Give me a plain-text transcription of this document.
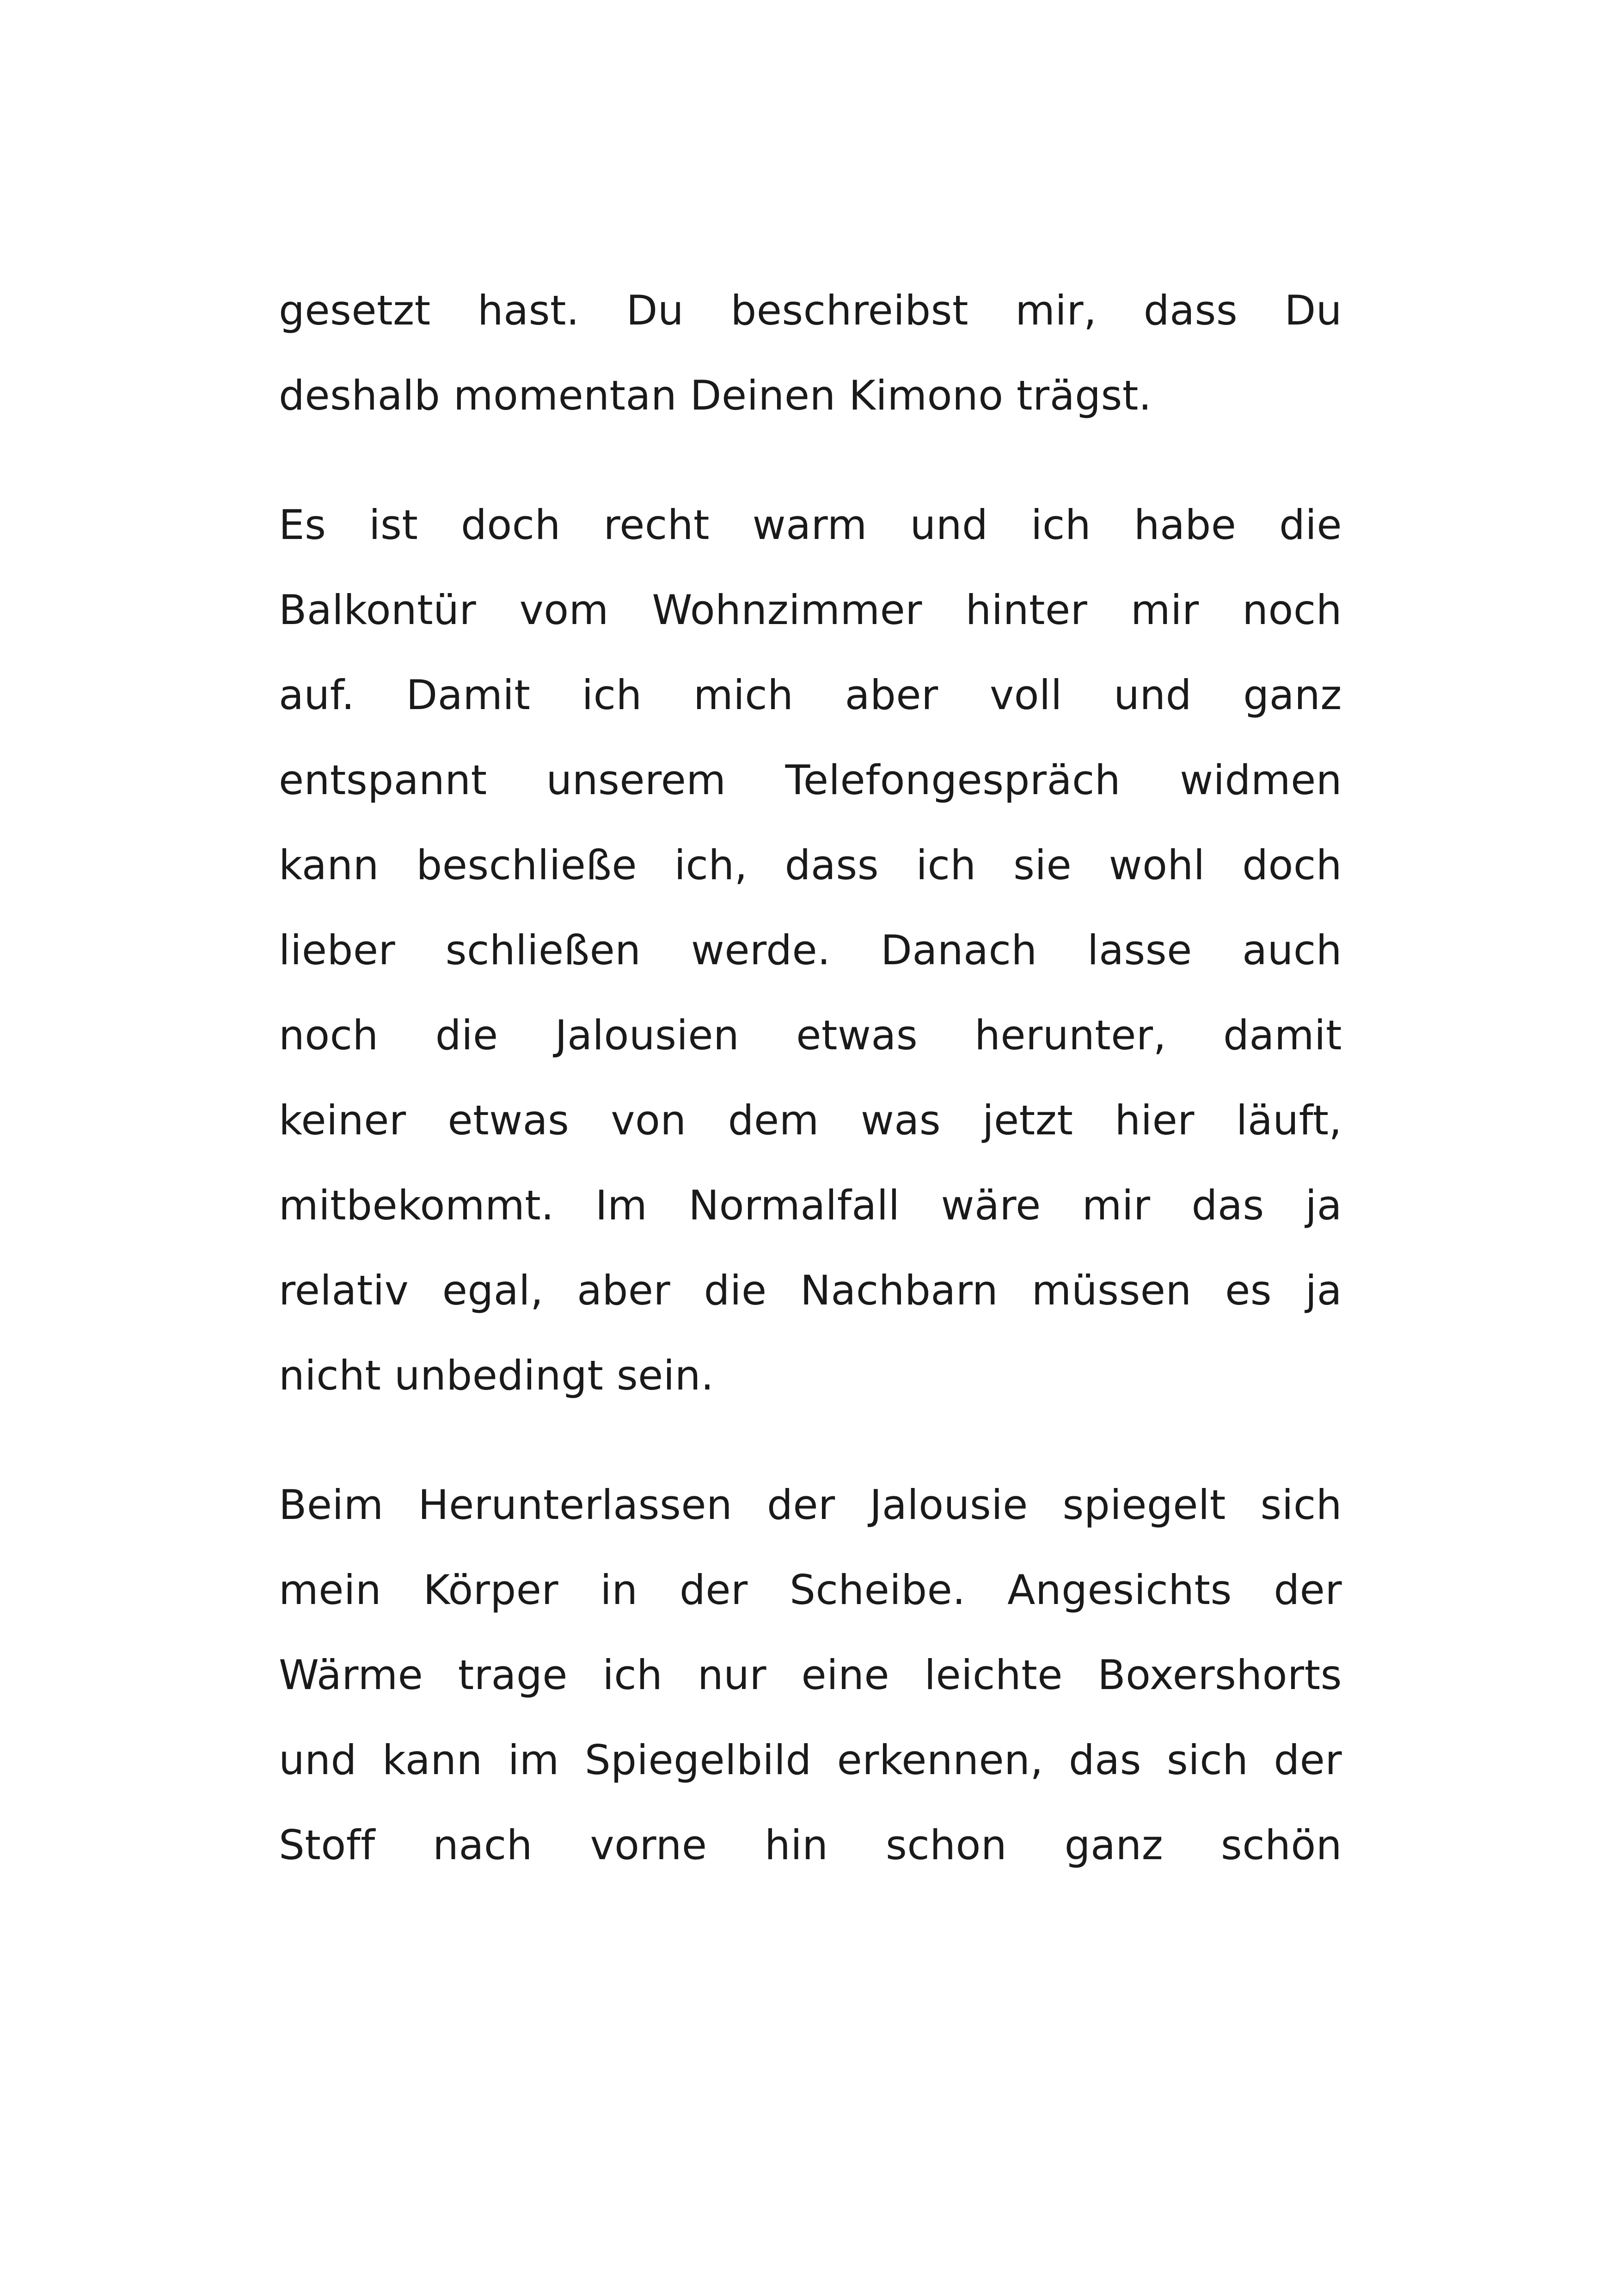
gesetzt hast. Du beschreibst mir, dass Du
deshalb momentan Deinen Kimono trägst.
Es ist doch recht warm und ich habe die
Balkontür vom Wohnzimmer hinter mir noch
auf. Damit ich mich aber voll und ganz
entspannt unserem Telefongespräch widmen
kann beschließe ich, dass ich sie wohl doch
lieber schließen werde. Danach lasse auch
noch die Jalousien etwas herunter, damit
keiner etwas von dem was jetzt hier läuft,
mitbekommt. Im Normalfall wäre mir das ja
relativ egal, aber die Nachbarn müssen es ja
nicht unbedingt sein.
Beim Herunterlassen der Jalousie spiegelt sich
mein Körper in der Scheibe. Angesichts der
Wärme trage ich nur eine leichte Boxershorts
und kann im Spiegelbild erkennen, das sich der
Stoff nach vorne hin schon ganz schön
